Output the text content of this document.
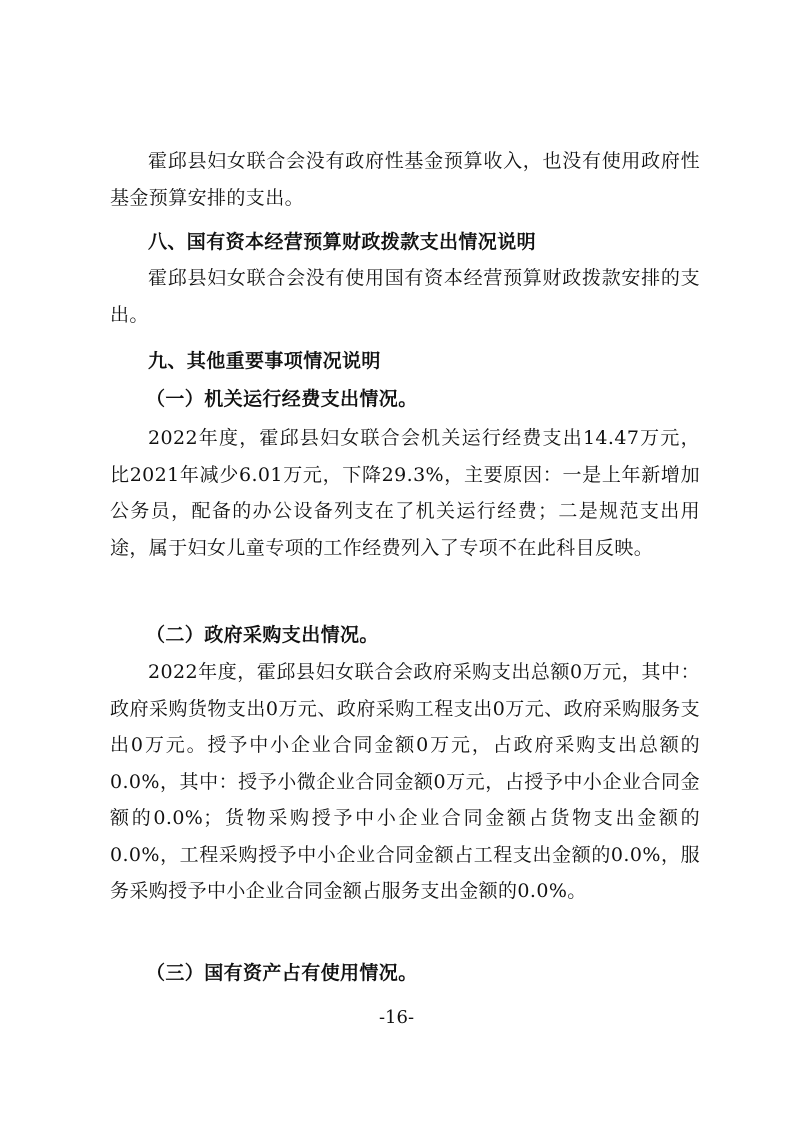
霍邱县妇女联合会没有政府性基金预算收入，也没有使用政府性基金预算安排的支出。

八、国有资本经营预算财政拨款支出情况说明

霍邱县妇女联合会没有使用国有资本经营预算财政拨款安排的支出。

九、其他重要事项情况说明

（一）机关运行经费支出情况。

2022年度，霍邱县妇女联合会机关运行经费支出14.47万元，比2021年减少6.01万元，下降29.3%，主要原因：一是上年新增加公务员，配备的办公设备列支在了机关运行经费；二是规范支出用途，属于妇女儿童专项的工作经费列入了专项不在此科目反映。

（二）政府采购支出情况。

2022年度，霍邱县妇女联合会政府采购支出总额0万元，其中：政府采购货物支出0万元、政府采购工程支出0万元、政府采购服务支出0万元。授予中小企业合同金额0万元，占政府采购支出总额的0.0%，其中：授予小微企业合同金额0万元，占授予中小企业合同金额的0.0%；货物采购授予中小企业合同金额占货物支出金额的0.0%，工程采购授予中小企业合同金额占工程支出金额的0.0%，服务采购授予中小企业合同金额占服务支出金额的0.0%。

（三）国有资产占有使用情况。

-16-
